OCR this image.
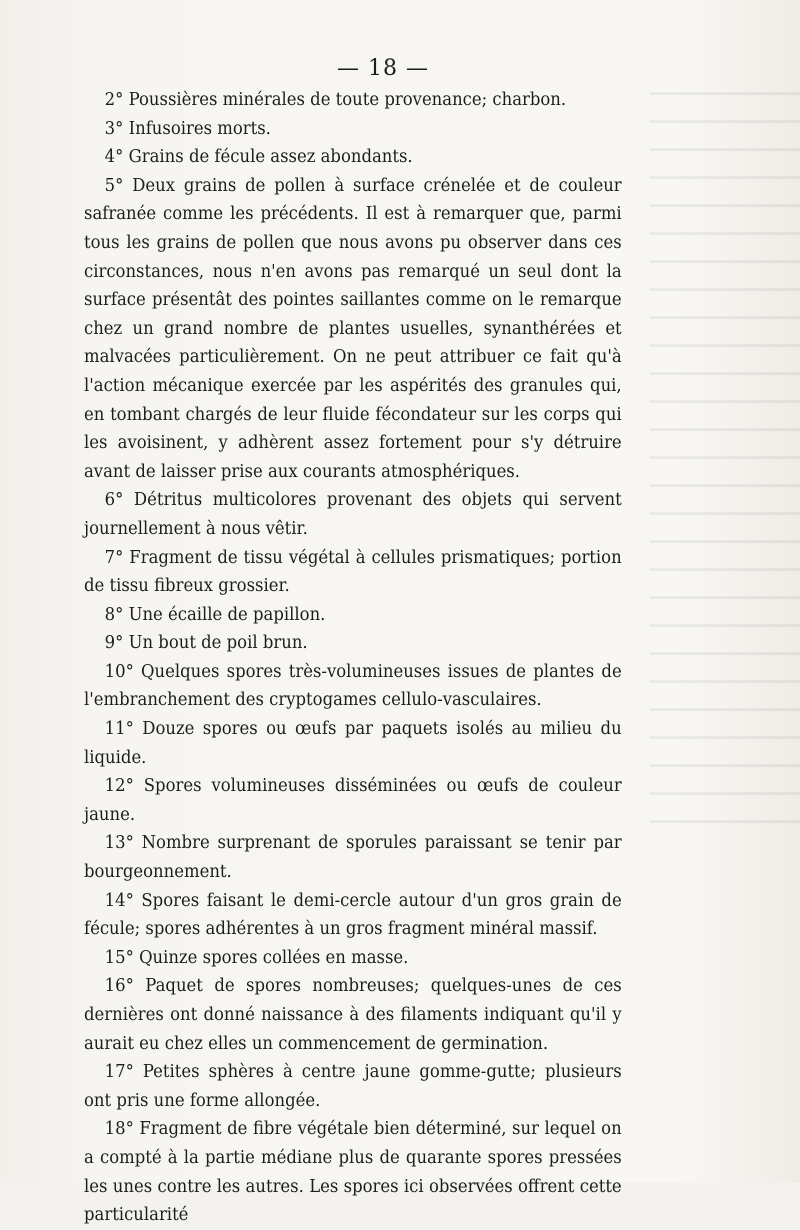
— 18 —

2° Poussières minérales de toute provenance; charbon.

3° Infusoires morts.

4° Grains de fécule assez abondants.

5° Deux grains de pollen à surface crénelée et de couleur safranée comme les précédents. Il est à remarquer que, parmi tous les grains de pollen que nous avons pu observer dans ces circonstances, nous n'en avons pas remarqué un seul dont la surface présentât des pointes saillantes comme on le remarque chez un grand nombre de plantes usuelles, synanthérées et malvacées particulièrement. On ne peut attribuer ce fait qu'à l'action mécanique exercée par les aspérités des granules qui, en tombant chargés de leur fluide fécondateur sur les corps qui les avoisinent, y adhèrent assez fortement pour s'y détruire avant de laisser prise aux courants atmosphériques.

6° Détritus multicolores provenant des objets qui servent journellement à nous vêtir.

7° Fragment de tissu végétal à cellules prismatiques; portion de tissu fibreux grossier.

8° Une écaille de papillon.

9° Un bout de poil brun.

10° Quelques spores très-volumineuses issues de plantes de l'embranchement des cryptogames cellulo-vasculaires.

11° Douze spores ou œufs par paquets isolés au milieu du liquide.

12° Spores volumineuses disséminées ou œufs de couleur jaune.

13° Nombre surprenant de sporules paraissant se tenir par bourgeonnement.

14° Spores faisant le demi-cercle autour d'un gros grain de fécule; spores adhérentes à un gros fragment minéral massif.

15° Quinze spores collées en masse.

16° Paquet de spores nombreuses; quelques-unes de ces dernières ont donné naissance à des filaments indiquant qu'il y aurait eu chez elles un commencement de germination.

17° Petites sphères à centre jaune gomme-gutte; plusieurs ont pris une forme allongée.

18° Fragment de fibre végétale bien déterminé, sur lequel on a compté à la partie médiane plus de quarante spores pressées les unes contre les autres. Les spores ici observées offrent cette particularité
